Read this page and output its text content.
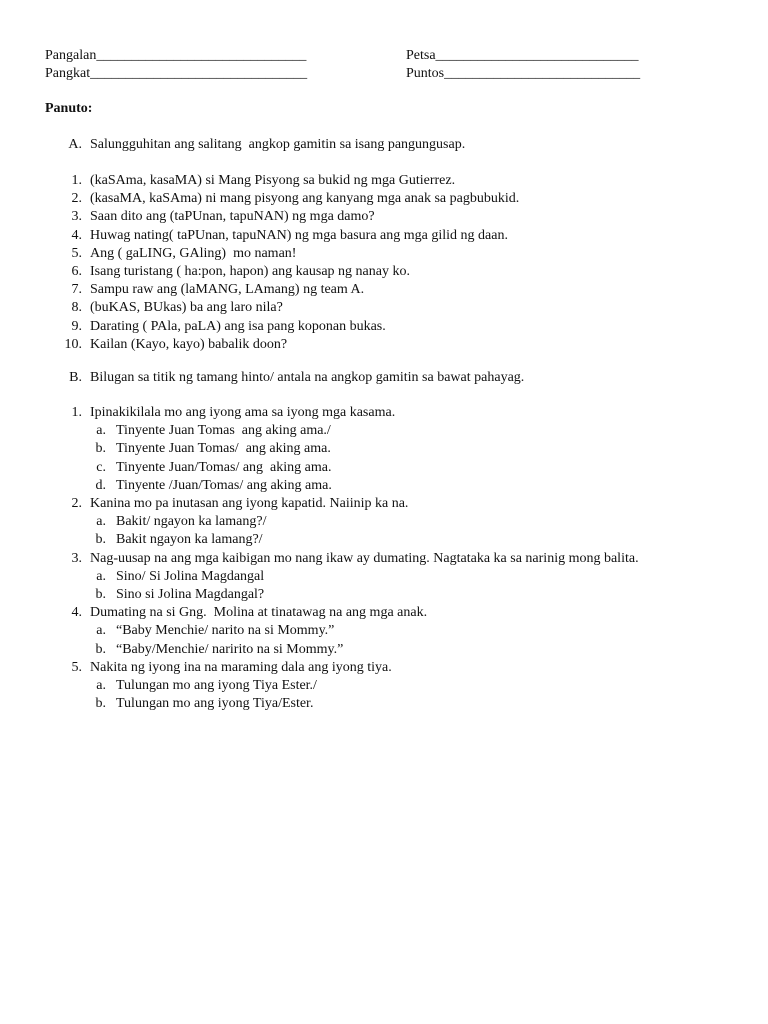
Pangalan______________________________
Pangkat_______________________________
Petsa_____________________________
Puntos____________________________
Panuto:
A. Salungguhitan ang salitang  angkop gamitin sa isang pangungusap.
1. (kaSAma, kasaMA) si Mang Pisyong sa bukid ng mga Gutierrez.
2. (kasaMA, kaSAma) ni mang pisyong ang kanyang mga anak sa pagbubukid.
3. Saan dito ang (taPUnan, tapuNAN) ng mga damo?
4. Huwag nating( taPUnan, tapuNAN) ng mga basura ang mga gilid ng daan.
5. Ang ( gaLING, GAling)  mo naman!
6. Isang turistang ( ha:pon, hapon) ang kausap ng nanay ko.
7. Sampu raw ang (laMANG, LAmang) ng team A.
8. (buKAS, BUkas) ba ang laro nila?
9. Darating ( PAla, paLA) ang isa pang koponan bukas.
10. Kailan (Kayo, kayo) babalik doon?
B. Bilugan sa titik ng tamang hinto/ antala na angkop gamitin sa bawat pahayag.
1. Ipinakikilala mo ang iyong ama sa iyong mga kasama.
a. Tinyente Juan Tomas  ang aking ama./
b. Tinyente Juan Tomas/  ang aking ama.
c. Tinyente Juan/Tomas/ ang  aking ama.
d. Tinyente /Juan/Tomas/ ang aking ama.
2. Kanina mo pa inutasan ang iyong kapatid. Naiinip ka na.
a. Bakit/ ngayon ka lamang?/
b. Bakit ngayon ka lamang?/
3. Nag-uusap na ang mga kaibigan mo nang ikaw ay dumating. Nagtataka ka sa narinig mong balita.
a. Sino/ Si Jolina Magdangal
b. Sino si Jolina Magdangal?
4. Dumating na si Gng.  Molina at tinatawag na ang mga anak.
a. “Baby Menchie/ narito na si Mommy.”
b. “Baby/Menchie/ naririto na si Mommy.”
5. Nakita ng iyong ina na maraming dala ang iyong tiya.
a. Tulungan mo ang iyong Tiya Ester./
b. Tulungan mo ang iyong Tiya/Ester.
